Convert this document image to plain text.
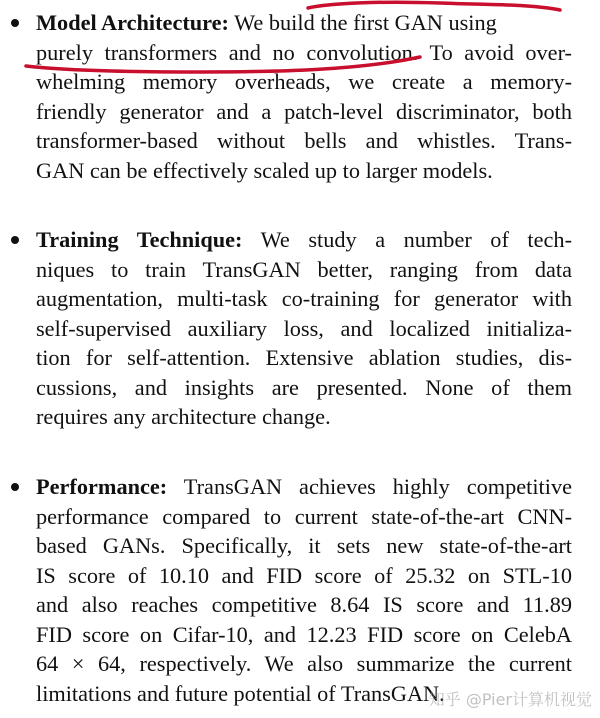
Model Architecture: We build the first GAN using
purely transformers and no convolution. To avoid over-
whelming memory overheads, we create a memory-
friendly generator and a patch-level discriminator, both
transformer-based without bells and whistles. Trans-
GAN can be effectively scaled up to larger models.
Training Technique: We study a number of tech-
niques to train TransGAN better, ranging from data
augmentation, multi-task co-training for generator with
self-supervised auxiliary loss, and localized initializa-
tion for self-attention. Extensive ablation studies, dis-
cussions, and insights are presented. None of them
requires any architecture change.
Performance: TransGAN achieves highly competitive
performance compared to current state-of-the-art CNN-
based GANs. Specifically, it sets new state-of-the-art
IS score of 10.10 and FID score of 25.32 on STL-10
and also reaches competitive 8.64 IS score and 11.89
FID score on Cifar-10, and 12.23 FID score on CelebA
64 × 64, respectively. We also summarize the current
limitations and future potential of TransGAN.
知乎 @Pier计算机视觉
